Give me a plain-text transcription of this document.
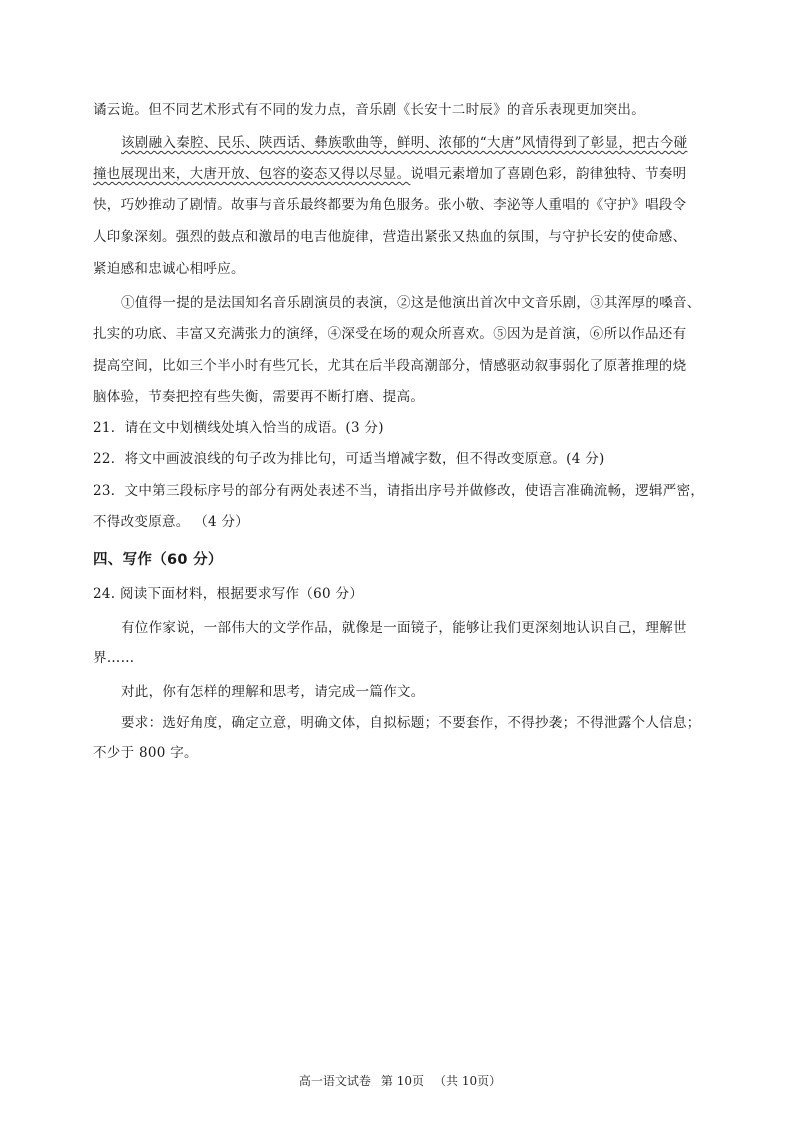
谲云诡。但不同艺术形式有不同的发力点，音乐剧《长安十二时辰》的音乐表现更加突出。
该剧融入秦腔、民乐、陕西话、彝族歌曲等，鲜明、浓郁的“大唐”风情得到了彰显，把古今碰
撞也展现出来，大唐开放、包容的姿态又得以尽显。说唱元素增加了喜剧色彩，韵律独特、节奏明
快，巧妙推动了剧情。故事与音乐最终都要为角色服务。张小敬、李泌等人重唱的《守护》唱段令
人印象深刻。强烈的鼓点和激昂的电吉他旋律，营造出紧张又热血的氛围，与守护长安的使命感、
紧迫感和忠诚心相呼应。
①值得一提的是法国知名音乐剧演员的表演，②这是他演出首次中文音乐剧，③其浑厚的嗓音、
扎实的功底、丰富又充满张力的演绎，④深受在场的观众所喜欢。⑤因为是首演，⑥所以作品还有
提高空间，比如三个半小时有些冗长，尤其在后半段高潮部分，情感驱动叙事弱化了原著推理的烧
脑体验，节奏把控有些失衡，需要再不断打磨、提高。
21．请在文中划横线处填入恰当的成语。(3 分)
22．将文中画波浪线的句子改为排比句，可适当增减字数，但不得改变原意。(4 分)
23．文中第三段标序号的部分有两处表述不当，请指出序号并做修改，使语言准确流畅，逻辑严密，
不得改变原意。 （4 分）
四、写作（60 分）
24. 阅读下面材料，根据要求写作（60 分）
有位作家说，一部伟大的文学作品，就像是一面镜子，能够让我们更深刻地认识自己，理解世
界……
对此，你有怎样的理解和思考，请完成一篇作文。
要求：选好角度，确定立意，明确文体，自拟标题；不要套作，不得抄袭；不得泄露个人信息；
不少于 800 字。
高一语文试卷 第 10页 （共 10页）
